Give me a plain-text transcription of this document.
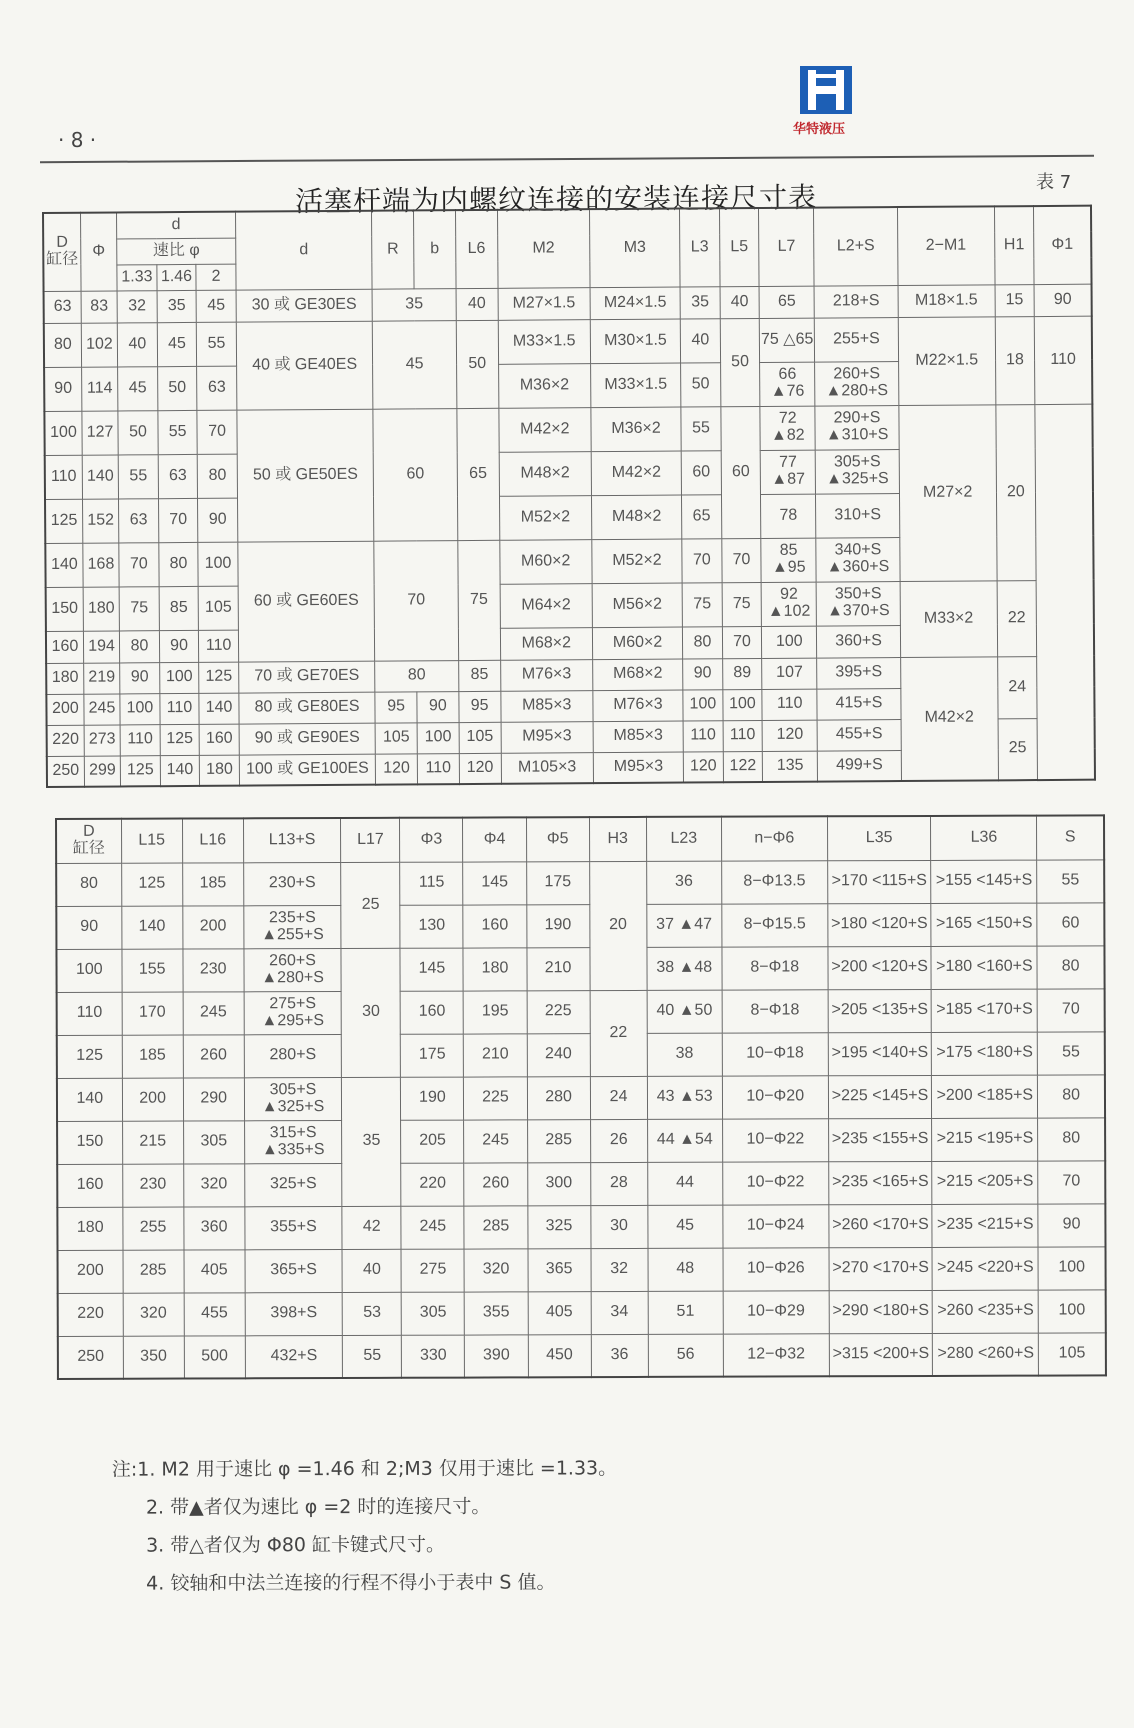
· 8 ·	华特液压
活塞杆端为内螺纹连接的安装连接尺寸表	表 7
D
缸径	Φ	d			d	R	b	L6	M2	M3	L3	L5	L7	L2+S	2−M1	H1	Φ1
		速比 φ															
		1.33	1.46	2													
63	83	32	35	45	30 或 GE30ES	35		40	M27×1.5	M24×1.5	35	40	65	218+S	M18×1.5	15	90
80	102	40	45	55	40 或 GE40ES	45		50	M33×1.5	M30×1.5	40	50	75 △65	255+S	M22×1.5	18	110
90	114	45	50	63					M36×2	M33×1.5	50		66 ▲76	260+S ▲280+S			
100	127	50	55	70	50 或 GE50ES	60		65	M42×2	M36×2	55	60	72 ▲82	290+S ▲310+S	M27×2	20	
110	140	55	63	80					M48×2	M42×2	60		77 ▲87	305+S ▲325+S			
125	152	63	70	90					M52×2	M48×2	65		78	310+S			
140	168	70	80	100	60 或 GE60ES	70		75	M60×2	M52×2	70	70	85 ▲95	340+S ▲360+S			
150	180	75	85	105					M64×2	M56×2	75	75	92 ▲102	350+S ▲370+S	M33×2	22	
160	194	80	90	110					M68×2	M60×2	80	70	100	360+S			
180	219	90	100	125	70 或 GE70ES	80		85	M76×3	M68×2	90	89	107	395+S	M42×2	24	
200	245	100	110	140	80 或 GE80ES	95	90	95	M85×3	M76×3	100	100	110	415+S			
220	273	110	125	160	90 或 GE90ES	105	100	105	M95×3	M85×3	110	110	120	455+S		25	
250	299	125	140	180	100 或 GE100ES	120	110	120	M105×3	M95×3	120	122	135	499+S			
D
缸径	L15	L16	L13+S	L17	Φ3	Φ4	Φ5	H3	L23	n−Φ6	L35	L36	S
80	125	185	230+S	25	115	145	175	20	36	8−Φ13.5	>170 <115+S	>155 <145+S	55
90	140	200	235+S ▲255+S		130	160	190		37 ▲47	8−Φ15.5	>180 <120+S	>165 <150+S	60
100	155	230	260+S ▲280+S	30	145	180	210		38 ▲48	8−Φ18	>200 <120+S	>180 <160+S	80
110	170	245	275+S ▲295+S		160	195	225	22	40 ▲50	8−Φ18	>205 <135+S	>185 <170+S	70
125	185	260	280+S		175	210	240		38	10−Φ18	>195 <140+S	>175 <180+S	55
140	200	290	305+S ▲325+S	35	190	225	280	24	43 ▲53	10−Φ20	>225 <145+S	>200 <185+S	80
150	215	305	315+S ▲335+S		205	245	285	26	44 ▲54	10−Φ22	>235 <155+S	>215 <195+S	80
160	230	320	325+S		220	260	300	28	44	10−Φ22	>235 <165+S	>215 <205+S	70
180	255	360	355+S	42	245	285	325	30	45	10−Φ24	>260 <170+S	>235 <215+S	90
200	285	405	365+S	40	275	320	365	32	48	10−Φ26	>270 <170+S	>245 <220+S	100
220	320	455	398+S	53	305	355	405	34	51	10−Φ29	>290 <180+S	>260 <235+S	100
250	350	500	432+S	55	330	390	450	36	56	12−Φ32	>315 <200+S	>280 <260+S	105
注:1. M2 用于速比 φ =1.46 和 2;M3 仅用于速比 =1.33。
2. 带▲者仅为速比 φ =2 时的连接尺寸。
3. 带△者仅为 Φ80 缸卡键式尺寸。
4. 铰轴和中法兰连接的行程不得小于表中 S 值。
